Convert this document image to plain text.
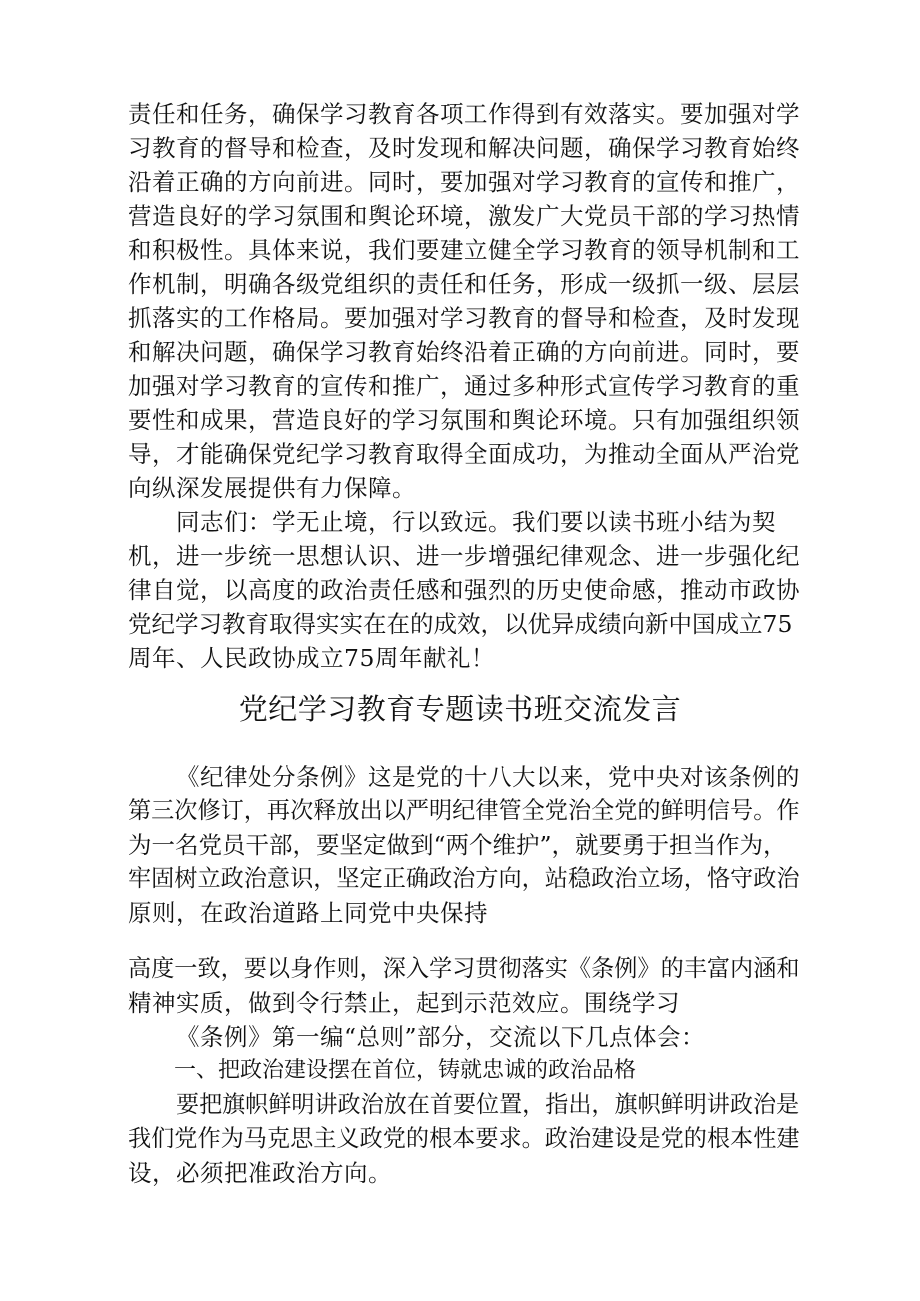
责任和任务，确保学习教育各项工作得到有效落实。要加强对学
习教育的督导和检查，及时发现和解决问题，确保学习教育始终
沿着正确的方向前进。同时，要加强对学习教育的宣传和推广，
营造良好的学习氛围和舆论环境，激发广大党员干部的学习热情
和积极性。具体来说，我们要建立健全学习教育的领导机制和工
作机制，明确各级党组织的责任和任务，形成一级抓一级、层层
抓落实的工作格局。要加强对学习教育的督导和检查，及时发现
和解决问题，确保学习教育始终沿着正确的方向前进。同时，要
加强对学习教育的宣传和推广，通过多种形式宣传学习教育的重
要性和成果，营造良好的学习氛围和舆论环境。只有加强组织领
导，才能确保党纪学习教育取得全面成功，为推动全面从严治党
向纵深发展提供有力保障。
同志们：学无止境，行以致远。我们要以读书班小结为契
机，进一步统一思想认识、进一步增强纪律观念、进一步强化纪
律自觉，以高度的政治责任感和强烈的历史使命感，推动市政协
党纪学习教育取得实实在在的成效，以优异成绩向新中国成立75
周年、人民政协成立75周年献礼！
党纪学习教育专题读书班交流发言
《纪律处分条例》这是党的十八大以来，党中央对该条例的
第三次修订，再次释放出以严明纪律管全党治全党的鲜明信号。作
为一名党员干部，要坚定做到“两个维护”，就要勇于担当作为，
牢固树立政治意识，坚定正确政治方向，站稳政治立场，恪守政治
原则，在政治道路上同党中央保持
高度一致，要以身作则，深入学习贯彻落实《条例》的丰富内涵和
精神实质，做到令行禁止，起到示范效应。围绕学习
《条例》第一编“总则”部分，交流以下几点体会：
一、把政治建设摆在首位，铸就忠诚的政治品格
要把旗帜鲜明讲政治放在首要位置，指出，旗帜鲜明讲政治是
我们党作为马克思主义政党的根本要求。政治建设是党的根本性建
设，必须把准政治方向。
